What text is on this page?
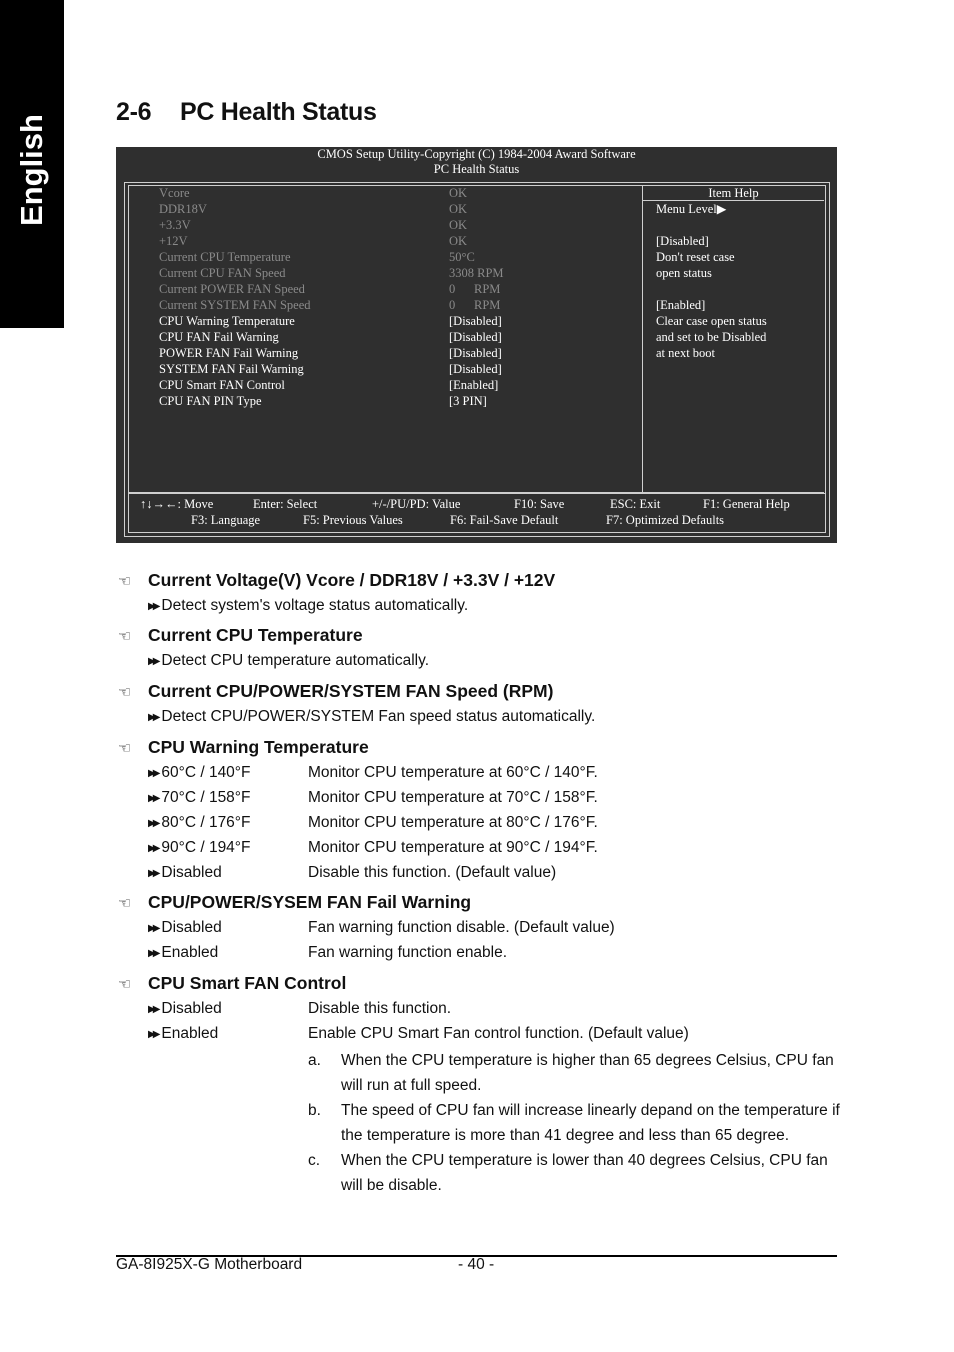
English
2-6 PC Health Status
CMOS Setup Utility-Copyright (C) 1984-2004 Award Software
PC Health Status
Vcore	OK
DDR18V	OK
+3.3V	OK
+12V	OK
Current CPU Temperature	50°C
Current CPU FAN Speed	3308 RPM
Current POWER FAN Speed	0      RPM
Current SYSTEM FAN Speed	0      RPM
CPU Warning Temperature	[Disabled]
CPU FAN Fail Warning	[Disabled]
POWER FAN Fail Warning	[Disabled]
SYSTEM FAN Fail Warning	[Disabled]
CPU Smart FAN Control	[Enabled]
CPU FAN PIN Type	[3 PIN]
Item Help
Menu Level▶
[Disabled]
Don't reset case
open status
[Enabled]
Clear case open status
and set to be Disabled
at next boot
↑↓→←: Move	Enter: Select	+/-/PU/PD: Value	F10: Save	ESC: Exit	F1: General Help
F3: Language	F5: Previous Values	F6: Fail-Save Default	F7: Optimized Defaults
☜ Current Voltage(V) Vcore / DDR18V / +3.3V / +12V
▶▶ Detect system's voltage status automatically.
☜ Current CPU Temperature
▶▶ Detect CPU temperature automatically.
☜ Current CPU/POWER/SYSTEM FAN Speed (RPM)
▶▶ Detect CPU/POWER/SYSTEM Fan speed status automatically.
☜ CPU Warning Temperature
▶▶ 60°C / 140°F	Monitor CPU temperature at 60°C / 140°F.
▶▶ 70°C / 158°F	Monitor CPU temperature at 70°C / 158°F.
▶▶ 80°C / 176°F	Monitor CPU temperature at 80°C / 176°F.
▶▶ 90°C / 194°F	Monitor CPU temperature at 90°C / 194°F.
▶▶ Disabled	Disable this function. (Default value)
☜ CPU/POWER/SYSEM FAN Fail Warning
▶▶ Disabled	Fan warning function disable. (Default value)
▶▶ Enabled	Fan warning function enable.
☜ CPU Smart FAN Control
▶▶ Disabled	Disable this function.
▶▶ Enabled	Enable CPU Smart Fan control function. (Default value)
a. When the CPU temperature is higher than 65 degrees Celsius, CPU fan will run at full speed.
b. The speed of CPU fan will increase linearly depand on the temperature if the temperature is more than 41 degree and less than 65 degree.
c. When the CPU temperature is lower than 40 degrees Celsius, CPU fan will be disable.
GA-8I925X-G Motherboard	- 40 -
